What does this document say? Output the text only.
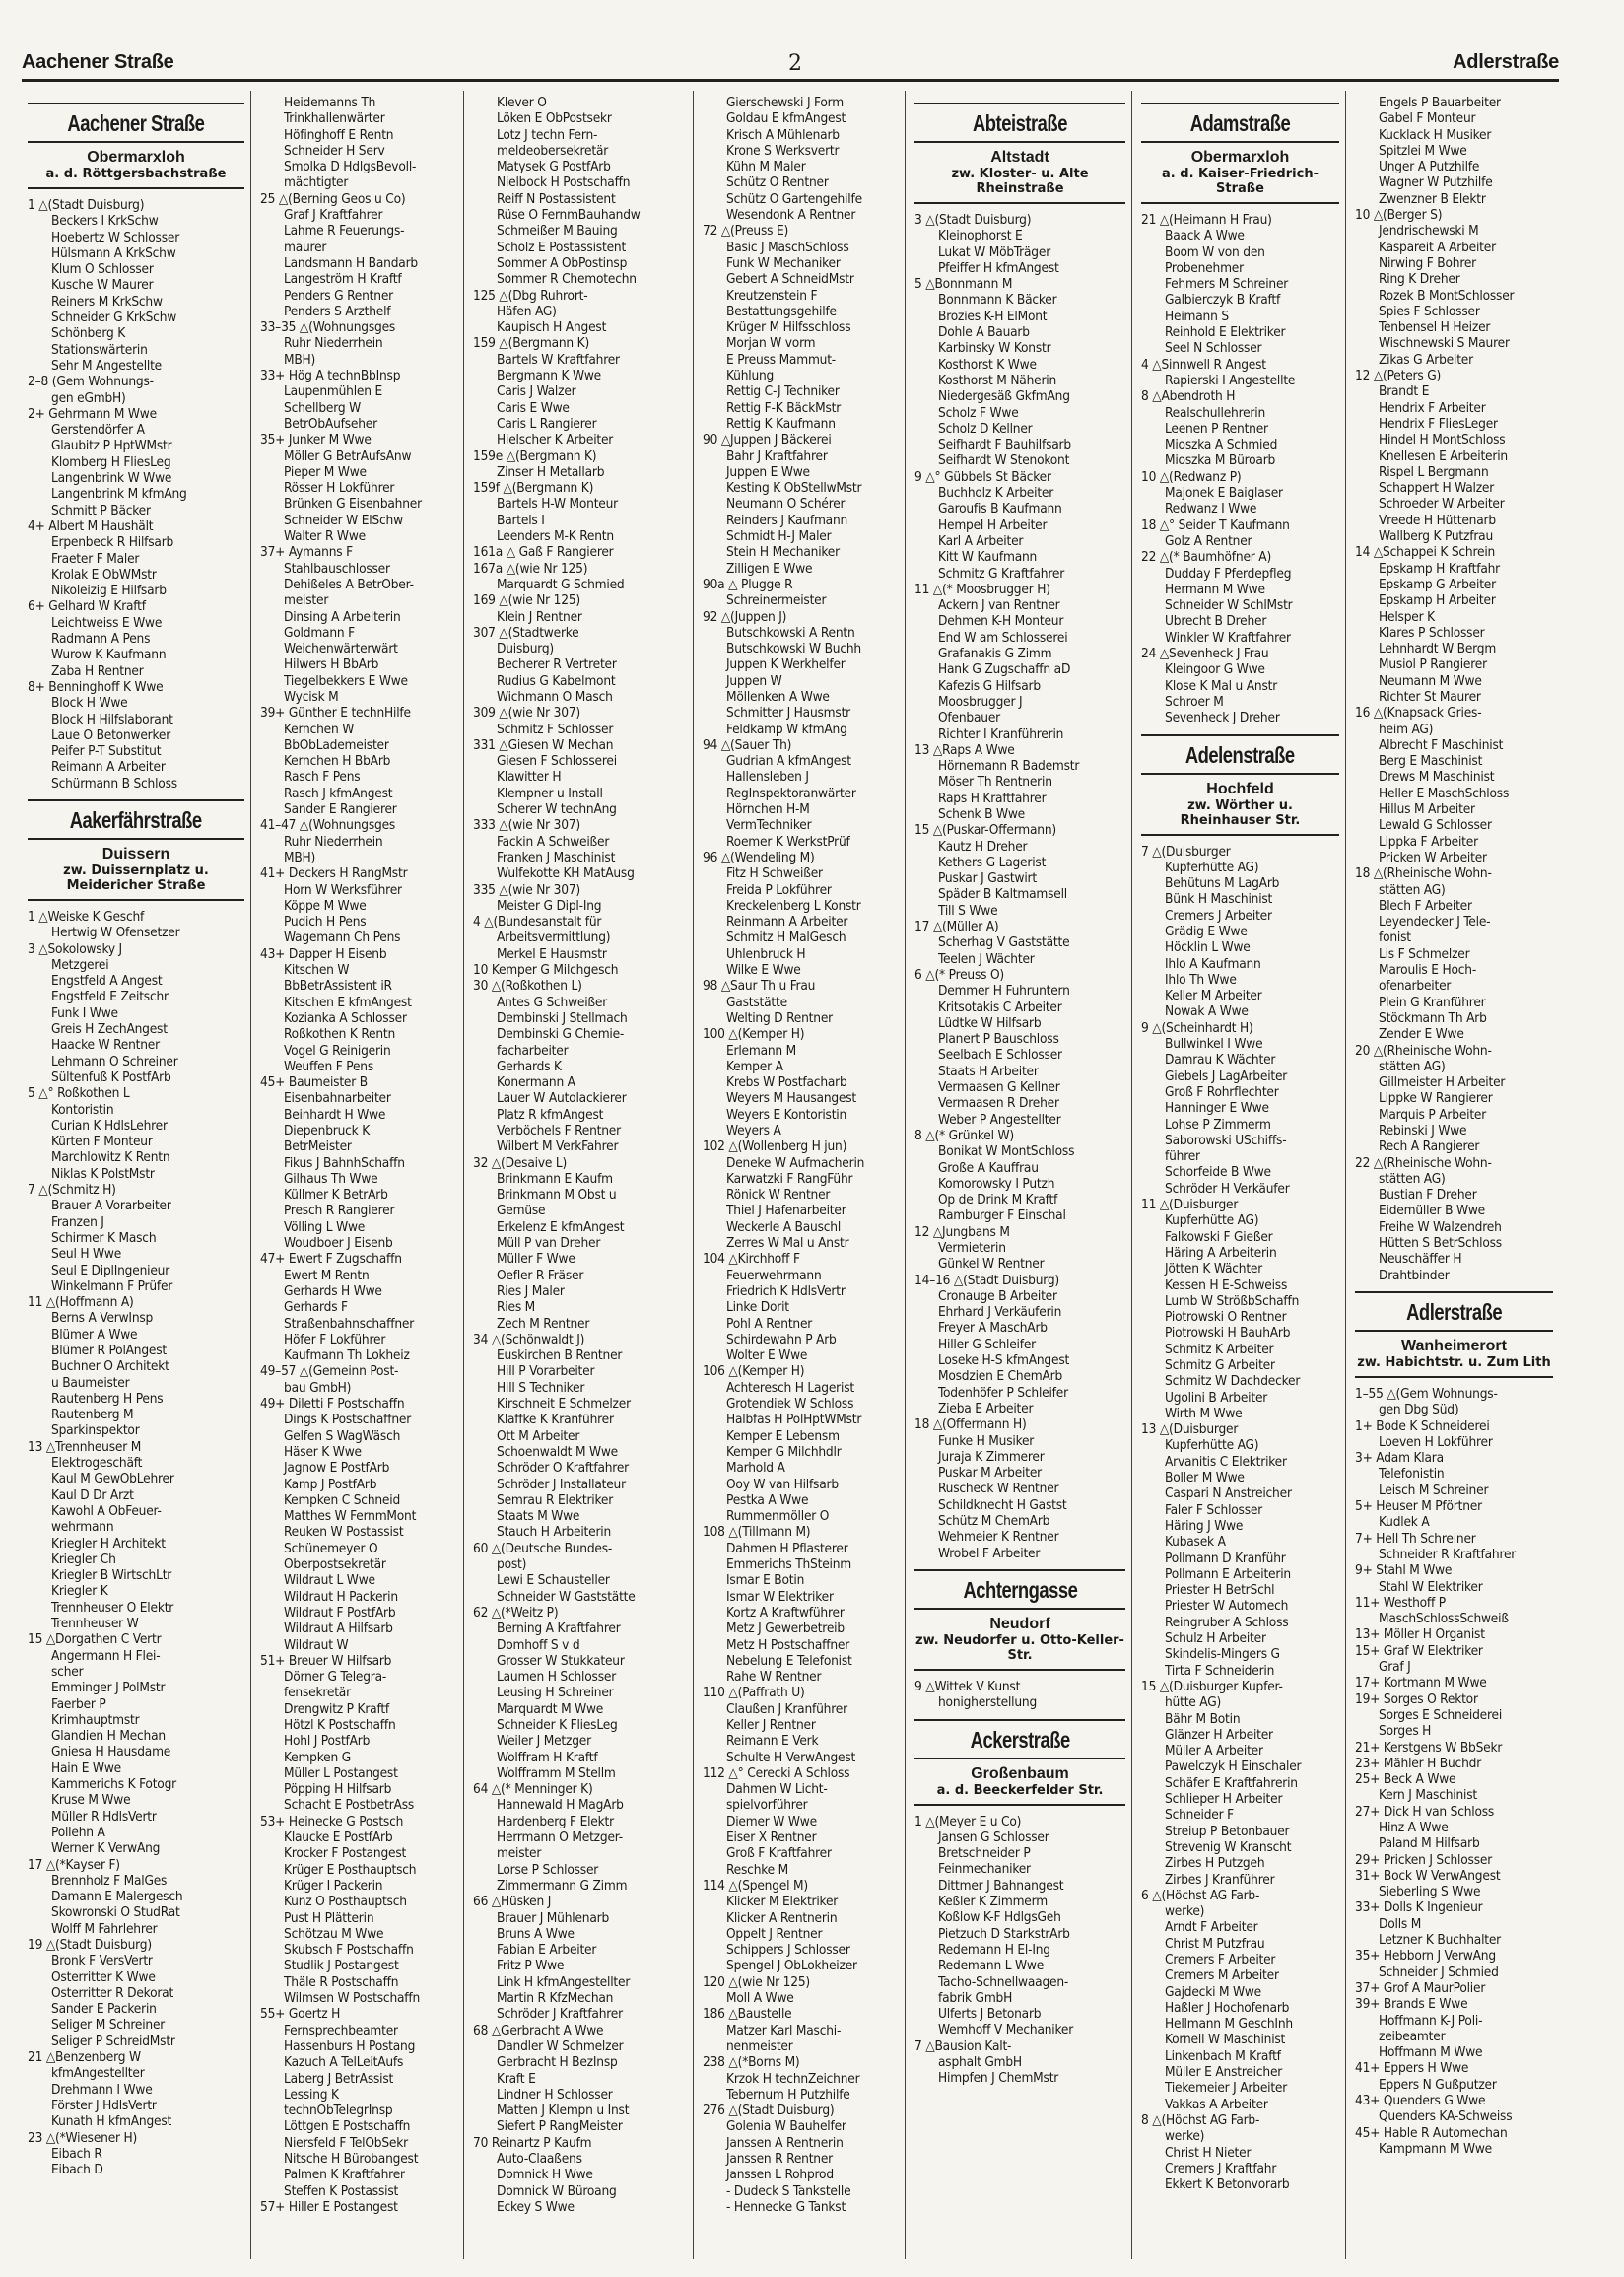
Aachener Straße	2	Adlerstraße
Aachener Straße
Obermarxloh
a. d. Röttgersbachstraße
1 △(Stadt Duisburg)
Beckers I KrkSchw
Hoebertz W Schlosser
Hülsmann A KrkSchw
Klum O Schlosser
Kusche W Maurer
Reiners M KrkSchw
Schneider G KrkSchw
Schönberg K
Stationswärterin
Sehr M Angestellte
2–8 (Gem Wohnungs-
gen eGmbH)
2+ Gehrmann M Wwe
Gerstendörfer A
Glaubitz P HptWMstr
Klomberg H FliesLeg
Langenbrink W Wwe
Langenbrink M kfmAng
Schmitt P Bäcker
4+ Albert M Haushält
Erpenbeck R Hilfsarb
Fraeter F Maler
Krolak E ObWMstr
Nikoleizig E Hilfsarb
6+ Gelhard W Kraftf
Leichtweiss E Wwe
Radmann A Pens
Wurow K Kaufmann
Zaba H Rentner
8+ Benninghoff K Wwe
Block H Wwe
Block H Hilfslaborant
Laue O Betonwerker
Peifer P-T Substitut
Reimann A Arbeiter
Schürmann B Schloss
Aakerfährstraße
Duissern
zw. Duissernplatz u. Meidericher Straße
1 △Weiske K Geschf
Hertwig W Ofensetzer
3 △Sokolowsky J
Metzgerei
Engstfeld A Angest
Engstfeld E Zeitschr
Funk I Wwe
Greis H ZechAngest
Haacke W Rentner
Lehmann O Schreiner
Sültenfuß K PostfArb
5 △° Roßkothen L
Kontoristin
Curian K HdlsLehrer
Kürten F Monteur
Marchlowitz K Rentn
Niklas K PolstMstr
7 △(Schmitz H)
Brauer A Vorarbeiter
Franzen J
Schirmer K Masch
Seul H Wwe
Seul E DiplIngenieur
Winkelmann F Prüfer
11 △(Hoffmann A)
Berns A VerwInsp
Blümer A Wwe
Blümer R PolAngest
Buchner O Architekt
u Baumeister
Rautenberg H Pens
Rautenberg M
Sparkinspektor
13 △Trennheuser M
Elektrogeschäft
Kaul M GewObLehrer
Kaul D Dr Arzt
Kawohl A ObFeuer-
wehrmann
Kriegler H Architekt
Kriegler Ch
Kriegler B WirtschLtr
Kriegler K
Trennheuser O Elektr
Trennheuser W
15 △Dorgathen C Vertr
Angermann H Flei-
scher
Emminger J PolMstr
Faerber P
Krimhauptmstr
Glandien H Mechan
Gniesa H Hausdame
Hain E Wwe
Kammerichs K Fotogr
Kruse M Wwe
Müller R HdlsVertr
Pollehn A
Werner K VerwAng
17 △(*Kayser F)
Brennholz F MalGes
Damann E Malergesch
Skowronski O StudRat
Wolff M Fahrlehrer
19 △(Stadt Duisburg)
Bronk F VersVertr
Osterritter K Wwe
Osterritter R Dekorat
Sander E Packerin
Seliger M Schreiner
Seliger P SchreidMstr
21 △Benzenberg W
kfmAngestellter
Drehmann I Wwe
Förster J HdlsVertr
Kunath H kfmAngest
23 △(*Wiesener H)
Eibach R
Eibach D
Heidemanns Th
Trinkhallenwärter
Höfinghoff E Rentn
Schneider H Serv
Smolka D HdlgsBevoll-
mächtigter
25 △(Berning Geos u Co)
Graf J Kraftfahrer
Lahme R Feuerungs-
maurer
Landsmann H Bandarb
Langeström H Kraftf
Penders G Rentner
Penders S Arzthelf
33–35 △(Wohnungsges
Ruhr Niederrhein
MBH)
33+ Hög A technBbInsp
Laupenmühlen E
Schellberg W
BetrObAufseher
35+ Junker M Wwe
Möller G BetrAufsAnw
Pieper M Wwe
Rösser H Lokführer
Brünken G Eisenbahner
Schneider W ElSchw
Walter R Wwe
37+ Aymanns F
Stahlbauschlosser
Dehißeles A BetrOber-
meister
Dinsing A Arbeiterin
Goldmann F
Weichenwärterwärt
Hilwers H BbArb
Tiegelbekkers E Wwe
Wycisk M
39+ Günther E technHilfe
Kernchen W
BbObLademeister
Kernchen H BbArb
Rasch F Pens
Rasch J kfmAngest
Sander E Rangierer
41–47 △(Wohnungsges
Ruhr Niederrhein
MBH)
41+ Deckers H RangMstr
Horn W Werksführer
Köppe M Wwe
Pudich H Pens
Wagemann Ch Pens
43+ Dapper H Eisenb
Kitschen W
BbBetrAssistent iR
Kitschen E kfmAngest
Kozianka A Schlosser
Roßkothen K Rentn
Vogel G Reinigerin
Weuffen F Pens
45+ Baumeister B
Eisenbahnarbeiter
Beinhardt H Wwe
Diepenbruck K
BetrMeister
Fikus J BahnhSchaffn
Gilhaus Th Wwe
Küllmer K BetrArb
Presch R Rangierer
Völling L Wwe
Woudboer J Eisenb
47+ Ewert F Zugschaffn
Ewert M Rentn
Gerhards H Wwe
Gerhards F
Straßenbahnschaffner
Höfer F Lokführer
Kaufmann Th Lokheiz
49–57 △(Gemeinn Post-
bau GmbH)
49+ Diletti F Postschaffn
Dings K Postschaffner
Gelfen S WagWäsch
Häser K Wwe
Jagnow E PostfArb
Kamp J PostfArb
Kempken C Schneid
Matthes W FernmMont
Reuken W Postassist
Schünemeyer O
Oberpostsekretär
Wildraut L Wwe
Wildraut H Packerin
Wildraut F PostfArb
Wildraut A Hilfsarb
Wildraut W
51+ Breuer W Hilfsarb
Dörner G Telegra-
fensekretär
Drengwitz P Kraftf
Hötzl K Postschaffn
Hohl J PostfArb
Kempken G
Müller L Postangest
Pöpping H Hilfsarb
Schacht E PostbetrAss
53+ Heinecke G Postsch
Klaucke E PostfArb
Krocker F Postangest
Krüger E Posthauptsch
Krüger I Packerin
Kunz O Posthauptsch
Pust H Plätterin
Schötzau M Wwe
Skubsch F Postschaffn
Studlik J Postangest
Thäle R Postschaffn
Wilmsen W Postschaffn
55+ Goertz H
Fernsprechbeamter
Hassenburs H Postang
Kazuch A TelLeitAufs
Laberg J BetrAssist
Lessing K
technObTelegrInsp
Löttgen E Postschaffn
Niersfeld F TelObSekr
Nitsche H Bürobangest
Palmen K Kraftfahrer
Steffen K Postassist
57+ Hiller E Postangest
Klever O
Löken E ObPostsekr
Lotz J techn Fern-
meldeobersekretär
Matysek G PostfArb
Nielbock H Postschaffn
Reiff N Postassistent
Rüse O FernmBauhandw
Schmeißer M Bauing
Scholz E Postassistent
Sommer A ObPostinsp
Sommer R Chemotechn
125 △(Dbg Ruhrort-
Häfen AG)
Kaupisch H Angest
159 △(Bergmann K)
Bartels W Kraftfahrer
Bergmann K Wwe
Caris J Walzer
Caris E Wwe
Caris L Rangierer
Hielscher K Arbeiter
159e △(Bergmann K)
Zinser H Metallarb
159f △(Bergmann K)
Bartels H-W Monteur
Bartels I
Leenders M-K Rentn
161a △ Gaß F Rangierer
167a △(wie Nr 125)
Marquardt G Schmied
169 △(wie Nr 125)
Klein J Rentner
307 △(Stadtwerke
Duisburg)
Becherer R Vertreter
Rudius G Kabelmont
Wichmann O Masch
309 △(wie Nr 307)
Schmitz F Schlosser
331 △Giesen W Mechan
Giesen F Schlosserei
Klawitter H
Klempner u Install
Scherer W technAng
333 △(wie Nr 307)
Fackin A Schweißer
Franken J Maschinist
Wulfekotte KH MatAusg
335 △(wie Nr 307)
Meister G Dipl-Ing
4 △(Bundesanstalt für
Arbeitsvermittlung)
Merkel E Hausmstr
10 Kemper G Milchgesch
30 △(Roßkothen L)
Antes G Schweißer
Dembinski J Stellmach
Dembinski G Chemie-
facharbeiter
Gerhards K
Konermann A
Lauer W Autolackierer
Platz R kfmAngest
Verböchels F Rentner
Wilbert M VerkFahrer
32 △(Desaive L)
Brinkmann E Kaufm
Brinkmann M Obst u
Gemüse
Erkelenz E kfmAngest
Müll P van Dreher
Müller F Wwe
Oefler R Fräser
Ries J Maler
Ries M
Zech M Rentner
34 △(Schönwaldt J)
Euskirchen B Rentner
Hill P Vorarbeiter
Hill S Techniker
Kirschneit E Schmelzer
Klaffke K Kranführer
Ott M Arbeiter
Schoenwaldt M Wwe
Schröder O Kraftfahrer
Schröder J Installateur
Semrau R Elektriker
Staats M Wwe
Stauch H Arbeiterin
60 △(Deutsche Bundes-
post)
Lewi E Schausteller
Schneider W Gaststätte
62 △(*Weitz P)
Berning A Kraftfahrer
Domhoff S v d
Grosser W Stukkateur
Laumen H Schlosser
Leusing H Schreiner
Marquardt M Wwe
Schneider K FliesLeg
Weiler J Metzger
Wolffram H Kraftf
Wolfframm M Stellm
64 △(* Menninger K)
Hannewald H MagArb
Hardenberg F Elektr
Herrmann O Metzger-
meister
Lorse P Schlosser
Zimmermann G Zimm
66 △Hüsken J
Brauer J Mühlenarb
Bruns A Wwe
Fabian E Arbeiter
Fritz P Wwe
Link H kfmAngestellter
Martin R KfzMechan
Schröder J Kraftfahrer
68 △Gerbracht A Wwe
Dandler W Schmelzer
Gerbracht H BezInsp
Kraft E
Lindner H Schlosser
Matten J Klempn u Inst
Siefert P RangMeister
70 Reinartz P Kaufm
Auto-Claaßens
Domnick H Wwe
Domnick W Büroang
Eckey S Wwe
Gierschewski J Form
Goldau E kfmAngest
Krisch A Mühlenarb
Krone S Werksvertr
Kühn M Maler
Schütz O Rentner
Schütz O Gartengehilfe
Wesendonk A Rentner
72 △(Preuss E)
Basic J MaschSchloss
Funk W Mechaniker
Gebert A SchneidMstr
Kreutzenstein F
Bestattungsgehilfe
Krüger M Hilfsschloss
Morjan W vorm
E Preuss Mammut-
Kühlung
Rettig C-J Techniker
Rettig F-K BäckMstr
Rettig K Kaufmann
90 △Juppen J Bäckerei
Bahr J Kraftfahrer
Juppen E Wwe
Kesting K ObStellwMstr
Neumann O Schérer
Reinders J Kaufmann
Schmidt H-J Maler
Stein H Mechaniker
Zilligen E Wwe
90a △ Plugge R
Schreinermeister
92 △(Juppen J)
Butschkowski A Rentn
Butschkowski W Buchh
Juppen K Werkhelfer
Juppen W
Möllenken A Wwe
Schmitter J Hausmstr
Feldkamp W kfmAng
94 △(Sauer Th)
Gudrian A kfmAngest
Hallensleben J
RegInspektoranwärter
Hörnchen H-M
VermTechniker
Roemer K WerkstPrüf
96 △(Wendeling M)
Fitz H Schweißer
Freida P Lokführer
Kreckelenberg L Konstr
Reinmann A Arbeiter
Schmitz H MalGesch
Uhlenbruck H
Wilke E Wwe
98 △Saur Th u Frau
Gaststätte
Welting D Rentner
100 △(Kemper H)
Erlemann M
Kemper A
Krebs W Postfacharb
Weyers M Hausangest
Weyers E Kontoristin
Weyers A
102 △(Wollenberg H jun)
Deneke W Aufmacherin
Karwatzki F RangFühr
Rönick W Rentner
Thiel J Hafenarbeiter
Weckerle A Bauschl
Zerres W Mal u Anstr
104 △Kirchhoff F
Feuerwehrmann
Friedrich K HdlsVertr
Linke Dorit
Pohl A Rentner
Schirdewahn P Arb
Wolter E Wwe
106 △(Kemper H)
Achteresch H Lagerist
Grotendiek W Schloss
Halbfas H PolHptWMstr
Kemper E Lebensm
Kemper G Milchhdlr
Marhold A
Ooy W van Hilfsarb
Pestka A Wwe
Rummenmöller O
108 △(Tillmann M)
Dahmen H Pflasterer
Emmerichs ThSteinm
Ismar E Botin
Ismar W Elektriker
Kortz A Kraftwführer
Metz J Gewerbetreib
Metz H Postschaffner
Nebelung E Telefonist
Rahe W Rentner
110 △(Paffrath U)
Claußen J Kranführer
Keller J Rentner
Reimann E Verk
Schulte H VerwAngest
112 △° Cerecki A Schloss
Dahmen W Licht-
spielvorführer
Diemer W Wwe
Eiser X Rentner
Groß F Kraftfahrer
Reschke M
114 △(Spengel M)
Klicker M Elektriker
Klicker A Rentnerin
Oppelt J Rentner
Schippers J Schlosser
Spengel J ObLokheizer
120 △(wie Nr 125)
Moll A Wwe
186 △Baustelle
Matzer Karl Maschi-
nenmeister
238 △(*Borns M)
Krzok H technZeichner
Tebernum H Putzhilfe
276 △(Stadt Duisburg)
Golenia W Bauhelfer
Janssen A Rentnerin
Janssen R Rentner
Janssen L Rohprod
- Dudeck S Tankstelle
- Hennecke G Tankst
Abteistraße
Altstadt
zw. Kloster- u. Alte Rheinstraße
3 △(Stadt Duisburg)
Kleinophorst E
Lukat W MöbTräger
Pfeiffer H kfmAngest
5 △Bonnmann M
Bonnmann K Bäcker
Brozies K-H ElMont
Dohle A Bauarb
Karbinsky W Konstr
Kosthorst K Wwe
Kosthorst M Näherin
Niedergesäß GkfmAng
Scholz F Wwe
Scholz D Kellner
Seifhardt F Bauhilfsarb
Seifhardt W Stenokont
9 △° Gübbels St Bäcker
Buchholz K Arbeiter
Garoufis B Kaufmann
Hempel H Arbeiter
Karl A Arbeiter
Kitt W Kaufmann
Schmitz G Kraftfahrer
11 △(* Moosbrugger H)
Ackern J van Rentner
Dehmen K-H Monteur
End W am Schlosserei
Grafanakis G Zimm
Hank G Zugschaffn aD
Kafezis G Hilfsarb
Moosbrugger J
Ofenbauer
Richter I Kranführerin
13 △Raps A Wwe
Hörnemann R Bademstr
Möser Th Rentnerin
Raps H Kraftfahrer
Schenk B Wwe
15 △(Puskar-Offermann)
Kautz H Dreher
Kethers G Lagerist
Puskar J Gastwirt
Späder B Kaltmamsell
Till S Wwe
17 △(Müller A)
Scherhag V Gaststätte
Teelen J Wächter
6 △(* Preuss O)
Demmer H Fuhruntern
Kritsotakis C Arbeiter
Lüdtke W Hilfsarb
Planert P Bauschloss
Seelbach E Schlosser
Staats H Arbeiter
Vermaasen G Kellner
Vermaasen R Dreher
Weber P Angestellter
8 △(* Grünkel W)
Bonikat W MontSchloss
Große A Kauffrau
Komorowsky I Putzh
Op de Drink M Kraftf
Ramburger F Einschal
12 △Jungbans M
Vermieterin
Günkel W Rentner
14–16 △(Stadt Duisburg)
Cronauge B Arbeiter
Ehrhard J Verkäuferin
Freyer A MaschArb
Hiller G Schleifer
Loseke H-S kfmAngest
Mosdzien E ChemArb
Todenhöfer P Schleifer
Zieba E Arbeiter
18 △(Offermann H)
Funke H Musiker
Juraja K Zimmerer
Puskar M Arbeiter
Ruscheck W Rentner
Schildknecht H Gastst
Schütz M ChemArb
Wehmeier K Rentner
Wrobel F Arbeiter
Achterngasse
Neudorf
zw. Neudorfer u. Otto-Keller-Str.
9 △Wittek V Kunst
honigherstellung
Ackerstraße
Großenbaum
a. d. Beeckerfelder Str.
1 △(Meyer E u Co)
Jansen G Schlosser
Bretschneider P
Feinmechaniker
Dittmer J Bahnangest
Keßler K Zimmerm
Koßlow K-F HdlgsGeh
Pietzuch D StarkstrArb
Redemann H El-Ing
Redemann L Wwe
Tacho-Schnellwaagen-
fabrik GmbH
Ulferts J Betonarb
Wemhoff V Mechaniker
7 △Bausion Kalt-
asphalt GmbH
Himpfen J ChemMstr
Adamstraße
Obermarxloh
a. d. Kaiser-Friedrich-Straße
21 △(Heimann H Frau)
Baack A Wwe
Boom W von den
Probenehmer
Fehmers M Schreiner
Galbierczyk B Kraftf
Heimann S
Reinhold E Elektriker
Seel N Schlosser
4 △Sinnwell R Angest
Rapierski I Angestellte
8 △Abendroth H
Realschullehrerin
Leenen P Rentner
Mioszka A Schmied
Mioszka M Büroarb
10 △(Redwanz P)
Majonek E Baiglaser
Redwanz I Wwe
18 △° Seider T Kaufmann
Golz A Rentner
22 △(* Baumhöfner A)
Dudday F Pferdepfleg
Hermann M Wwe
Schneider W SchlMstr
Ubrecht B Dreher
Winkler W Kraftfahrer
24 △Sevenheck J Frau
Kleingoor G Wwe
Klose K Mal u Anstr
Schroer M
Sevenheck J Dreher
Adelenstraße
Hochfeld
zw. Wörther u. Rheinhauser Str.
7 △(Duisburger
Kupferhütte AG)
Behütuns M LagArb
Bünk H Maschinist
Cremers J Arbeiter
Grädig E Wwe
Höcklin L Wwe
Ihlo A Kaufmann
Ihlo Th Wwe
Keller M Arbeiter
Nowak A Wwe
9 △(Scheinhardt H)
Bullwinkel I Wwe
Damrau K Wächter
Giebels J LagArbeiter
Groß F Rohrflechter
Hanninger E Wwe
Lohse P Zimmerm
Saborowski USchiffs-
führer
Schorfeide B Wwe
Schröder H Verkäufer
11 △(Duisburger
Kupferhütte AG)
Falkowski F Gießer
Häring A Arbeiterin
Jötten K Wächter
Kessen H E-Schweiss
Lumb W StrößbSchaffn
Piotrowski O Rentner
Piotrowski H BauhArb
Schmitz K Arbeiter
Schmitz G Arbeiter
Schmitz W Dachdecker
Ugolini B Arbeiter
Wirth M Wwe
13 △(Duisburger
Kupferhütte AG)
Arvanitis C Elektriker
Boller M Wwe
Caspari N Anstreicher
Faler F Schlosser
Häring J Wwe
Kubasek A
Pollmann D Kranführ
Pollmann E Arbeiterin
Priester H BetrSchl
Priester W Automech
Reingruber A Schloss
Schulz H Arbeiter
Skindelis-Mingers G
Tirta F Schneiderin
15 △(Duisburger Kupfer-
hütte AG)
Bähr M Botin
Glänzer H Arbeiter
Müller A Arbeiter
Pawelczyk H Einschaler
Schäfer E Kraftfahrerin
Schlieper H Arbeiter
Schneider F
Streiup P Betonbauer
Strevenig W Kranscht
Zirbes H Putzgeh
Zirbes J Kranführer
6 △(Höchst AG Farb-
werke)
Arndt F Arbeiter
Christ M Putzfrau
Cremers F Arbeiter
Cremers M Arbeiter
Gajdecki M Wwe
Haßler J Hochofenarb
Hellmann M GeschInh
Kornell W Maschinist
Linkenbach M Kraftf
Müller E Anstreicher
Tiekemeier J Arbeiter
Vakkas A Arbeiter
8 △(Höchst AG Farb-
werke)
Christ H Nieter
Cremers J Kraftfahr
Ekkert K Betonvorarb
Engels P Bauarbeiter
Gabel F Monteur
Kucklack H Musiker
Spitzlei M Wwe
Unger A Putzhilfe
Wagner W Putzhilfe
Zwenzner B Elektr
10 △(Berger S)
Jendrischewski M
Kaspareit A Arbeiter
Nirwing F Bohrer
Ring K Dreher
Rozek B MontSchlosser
Spies F Schlosser
Tenbensel H Heizer
Wischnewski S Maurer
Zikas G Arbeiter
12 △(Peters G)
Brandt E
Hendrix F Arbeiter
Hendrix F FliesLeger
Hindel H MontSchloss
Knellesen E Arbeiterin
Rispel L Bergmann
Schappert H Walzer
Schroeder W Arbeiter
Vreede H Hüttenarb
Wallberg K Putzfrau
14 △Schappei K Schrein
Epskamp H Kraftfahr
Epskamp G Arbeiter
Epskamp H Arbeiter
Helsper K
Klares P Schlosser
Lehnhardt W Bergm
Musiol P Rangierer
Neumann M Wwe
Richter St Maurer
16 △(Knapsack Gries-
heim AG)
Albrecht F Maschinist
Berg E Maschinist
Drews M Maschinist
Heller E MaschSchloss
Hillus M Arbeiter
Lewald G Schlosser
Lippka F Arbeiter
Pricken W Arbeiter
18 △(Rheinische Wohn-
stätten AG)
Blech F Arbeiter
Leyendecker J Tele-
fonist
Lis F Schmelzer
Maroulis E Hoch-
ofenarbeiter
Plein G Kranführer
Stöckmann Th Arb
Zender E Wwe
20 △(Rheinische Wohn-
stätten AG)
Gillmeister H Arbeiter
Lippke W Rangierer
Marquis P Arbeiter
Rebinski J Wwe
Rech A Rangierer
22 △(Rheinische Wohn-
stätten AG)
Bustian F Dreher
Eidemüller B Wwe
Freihe W Walzendreh
Hütten S BetrSchloss
Neuschäffer H
Drahtbinder
Adlerstraße
Wanheimerort
zw. Habichtstr. u. Zum Lith
1–55 △(Gem Wohnungs-
gen Dbg Süd)
1+ Bode K Schneiderei
Loeven H Lokführer
3+ Adam Klara
Telefonistin
Leisch M Schreiner
5+ Heuser M Pförtner
Kudlek A
7+ Hell Th Schreiner
Schneider R Kraftfahrer
9+ Stahl M Wwe
Stahl W Elektriker
11+ Westhoff P
MaschSchlossSchweiß
13+ Möller H Organist
15+ Graf W Elektriker
Graf J
17+ Kortmann M Wwe
19+ Sorges O Rektor
Sorges E Schneiderei
Sorges H
21+ Kerstgens W BbSekr
23+ Mähler H Buchdr
25+ Beck A Wwe
Kern J Maschinist
27+ Dick H van Schloss
Hinz A Wwe
Paland M Hilfsarb
29+ Pricken J Schlosser
31+ Bock W VerwAngest
Sieberling S Wwe
33+ Dolls K Ingenieur
Dolls M
Letzner K Buchhalter
35+ Hebborn J VerwAng
Schneider J Schmied
37+ Grof A MaurPolier
39+ Brands E Wwe
Hoffmann K-J Poli-
zeibeamter
Hoffmann M Wwe
41+ Eppers H Wwe
Eppers N Gußputzer
43+ Quenders G Wwe
Quenders KA-Schweiss
45+ Hable R Automechan
Kampmann M Wwe
